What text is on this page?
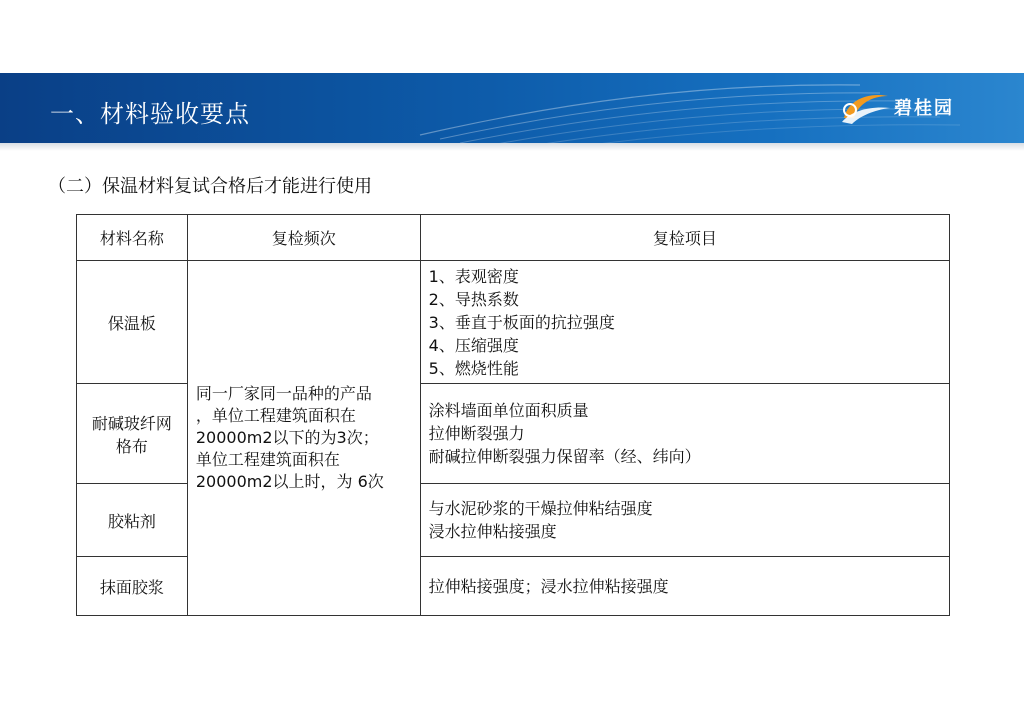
一、材料验收要点	碧桂园
（二）保温材料复试合格后才能进行使用
材料名称	复检频次	复检项目

保温板	同一厂家同一品种的产品
，单位工程建筑面积在
20000m2以下的为3次；
单位工程建筑面积在
20000m2以上时，为 6次	1、表观密度
2、导热系数
3、垂直于板面的抗拉强度
4、压缩强度
5、燃烧性能

耐碱玻纤网
格布		涂料墙面单位面积质量
拉伸断裂强力
耐碱拉伸断裂强力保留率（经、纬向）

胶粘剂		与水泥砂浆的干燥拉伸粘结强度
浸水拉伸粘接强度

抹面胶浆		拉伸粘接强度；浸水拉伸粘接强度
